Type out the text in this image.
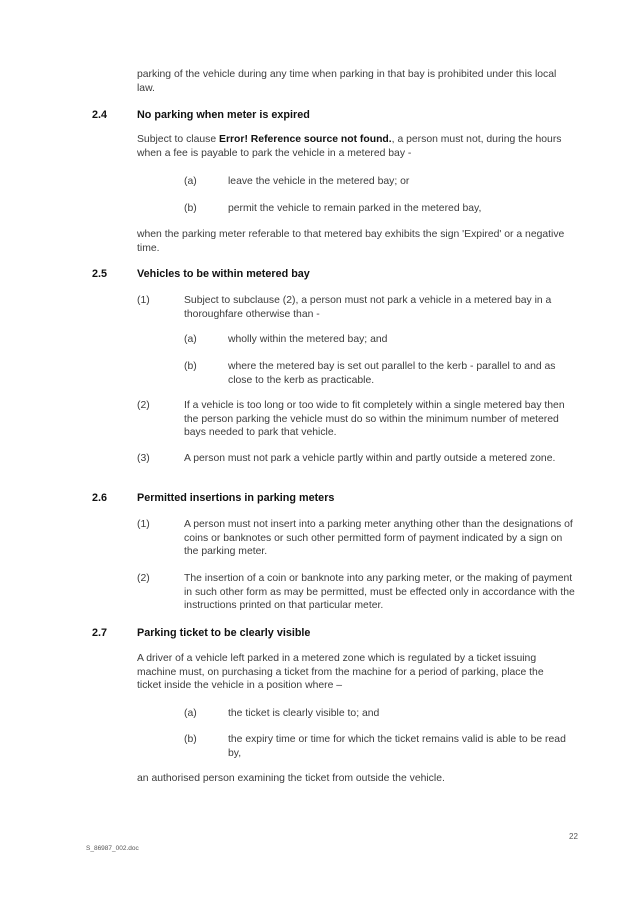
parking of the vehicle during any time when parking in that bay is prohibited under this local law.

2.4	No parking when meter is expired

Subject to clause Error! Reference source not found., a person must not, during the hours when a fee is payable to park the vehicle in a metered bay -

(a)	leave the vehicle in the metered bay; or

(b)	permit the vehicle to remain parked in the metered bay,

when the parking meter referable to that metered bay exhibits the sign 'Expired' or a negative time.

2.5	Vehicles to be within metered bay
(1)	Subject to subclause (2), a person must not park a vehicle in a metered bay in a thoroughfare otherwise than -

(a)	wholly within the metered bay; and

(b)	where the metered bay is set out parallel to the kerb - parallel to and as close to the kerb as practicable.

(2)	If a vehicle is too long or too wide to fit completely within a single metered bay then the person parking the vehicle must do so within the minimum number of metered bays needed to park that vehicle.

(3)	A person must not park a vehicle partly within and partly outside a metered zone.

2.6	Permitted insertions in parking meters
(1)	A person must not insert into a parking meter anything other than the designations of coins or banknotes or such other permitted form of payment indicated by a sign on the parking meter.

(2)	The insertion of a coin or banknote into any parking meter, or the making of payment in such other form as may be permitted, must be effected only in accordance with the instructions printed on that particular meter.

2.7	Parking ticket to be clearly visible

A driver of a vehicle left parked in a metered zone which is regulated by a ticket issuing machine must, on purchasing a ticket from the machine for a period of parking, place the ticket inside the vehicle in a position where –

(a)	the ticket is clearly visible to; and

(b)	the expiry time or time for which the ticket remains valid is able to be read by,

an authorised person examining the ticket from outside the vehicle.

22
S_86987_002.doc
